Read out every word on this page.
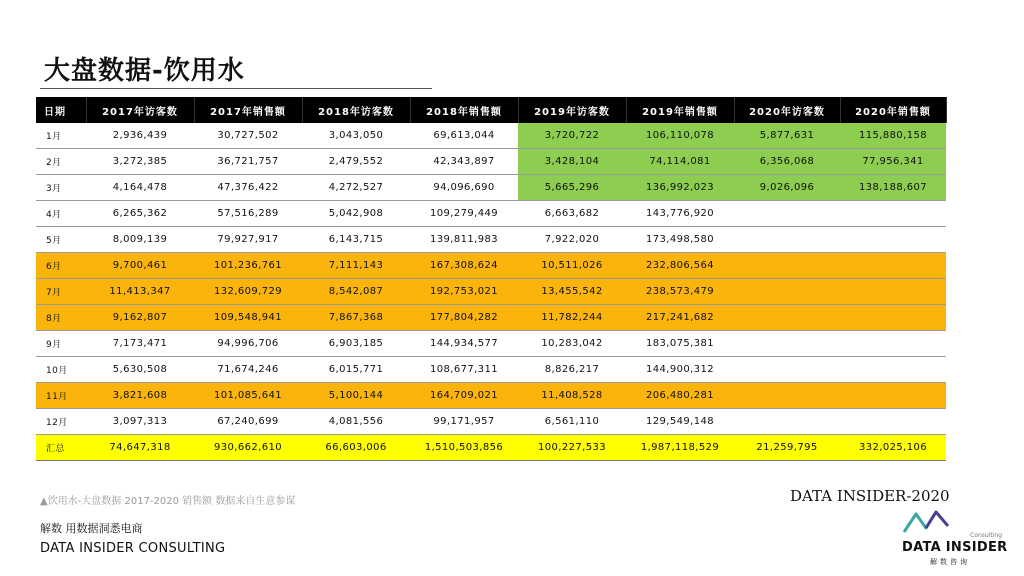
大盘数据-饮用水
日期	2017年访客数	2017年销售额	2018年访客数	2018年销售额	2019年访客数	2019年销售额	2020年访客数	2020年销售额
1月	2,936,439	30,727,502	3,043,050	69,613,044	3,720,722	106,110,078	5,877,631	115,880,158
2月	3,272,385	36,721,757	2,479,552	42,343,897	3,428,104	74,114,081	6,356,068	77,956,341
3月	4,164,478	47,376,422	4,272,527	94,096,690	5,665,296	136,992,023	9,026,096	138,188,607
4月	6,265,362	57,516,289	5,042,908	109,279,449	6,663,682	143,776,920		
5月	8,009,139	79,927,917	6,143,715	139,811,983	7,922,020	173,498,580		
6月	9,700,461	101,236,761	7,111,143	167,308,624	10,511,026	232,806,564		
7月	11,413,347	132,609,729	8,542,087	192,753,021	13,455,542	238,573,479		
8月	9,162,807	109,548,941	7,867,368	177,804,282	11,782,244	217,241,682		
9月	7,173,471	94,996,706	6,903,185	144,934,577	10,283,042	183,075,381		
10月	5,630,508	71,674,246	6,015,771	108,677,311	8,826,217	144,900,312		
11月	3,821,608	101,085,641	5,100,144	164,709,021	11,408,528	206,480,281		
12月	3,097,313	67,240,699	4,081,556	99,171,957	6,561,110	129,549,148		
汇总	74,647,318	930,662,610	66,603,006	1,510,503,856	100,227,533	1,987,118,529	21,259,795	332,025,106
▲饮用水-大盘数据 2017-2020 销售额 数据来自生意参谋
解数 用数据洞悉电商
DATA INSIDER CONSULTING
DATA INSIDER-2020
Consulting
DATA INSIDER
解数咨询
